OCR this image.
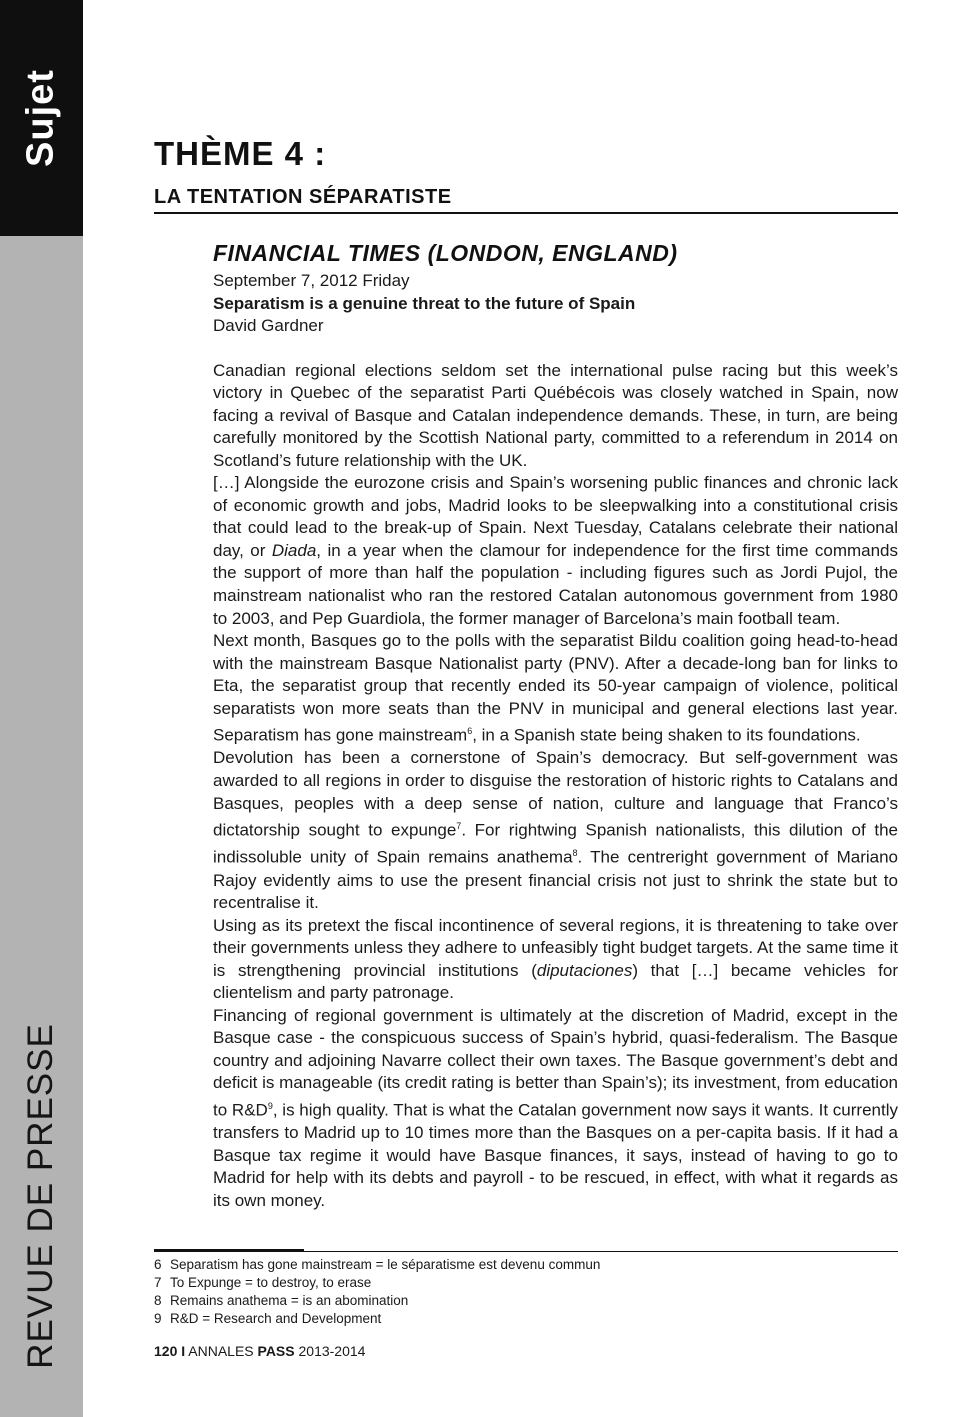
Sujet
REVUE DE PRESSE
THÈME 4 :
LA TENTATION SÉPARATISTE
FINANCIAL TIMES (LONDON, ENGLAND)
September 7, 2012 Friday
Separatism is a genuine threat to the future of Spain
David Gardner

Canadian regional elections seldom set the international pulse racing but this week’s victory in Quebec of the separatist Parti Québécois was closely watched in Spain, now facing a revival of Basque and Catalan independence demands. These, in turn, are being carefully monitored by the Scottish National party, committed to a referendum in 2014 on Scotland’s future relationship with the UK.

[…] Alongside the eurozone crisis and Spain’s worsening public finances and chronic lack of economic growth and jobs, Madrid looks to be sleepwalking into a constitutional crisis that could lead to the break-up of Spain. Next Tuesday, Catalans celebrate their national day, or Diada, in a year when the clamour for independence for the first time commands the support of more than half the population - including figures such as Jordi Pujol, the mainstream nationalist who ran the restored Catalan autonomous government from 1980 to 2003, and Pep Guardiola, the former manager of Barcelona’s main football team.

Next month, Basques go to the polls with the separatist Bildu coalition going head-to-head with the mainstream Basque Nationalist party (PNV). After a decade-long ban for links to Eta, the separatist group that recently ended its 50-year campaign of violence, political separatists won more seats than the PNV in municipal and general elections last year. Separatism has gone mainstream$^6$, in a Spanish state being shaken to its foundations.

Devolution has been a cornerstone of Spain’s democracy. But self-government was awarded to all regions in order to disguise the restoration of historic rights to Catalans and Basques, peoples with a deep sense of nation, culture and language that Franco’s dictatorship sought to expunge$^7$. For rightwing Spanish nationalists, this dilution of the indissoluble unity of Spain remains anathema$^8$. The centreright government of Mariano Rajoy evidently aims to use the present financial crisis not just to shrink the state but to recentralise it.

Using as its pretext the fiscal incontinence of several regions, it is threatening to take over their governments unless they adhere to unfeasibly tight budget targets. At the same time it is strengthening provincial institutions (diputaciones) that […] became vehicles for clientelism and party patronage.

Financing of regional government is ultimately at the discretion of Madrid, except in the Basque case - the conspicuous success of Spain’s hybrid, quasi-federalism. The Basque country and adjoining Navarre collect their own taxes. The Basque government’s debt and deficit is manageable (its credit rating is better than Spain’s); its investment, from education to $R\&D^9$, is high quality. That is what the Catalan government now says it wants. It currently transfers to Madrid up to 10 times more than the Basques on a per-capita basis. If it had a Basque tax regime it would have Basque finances, it says, instead of having to go to Madrid for help with its debts and payroll - to be rescued, in effect, with what it regards as its own money.

6 Separatism has gone mainstream = le séparatisme est devenu commun
7 To Expunge = to destroy, to erase
8 Remains anathema = is an abomination
9 R&D = Research and Development
120 I ANNALES PASS 2013-2014
